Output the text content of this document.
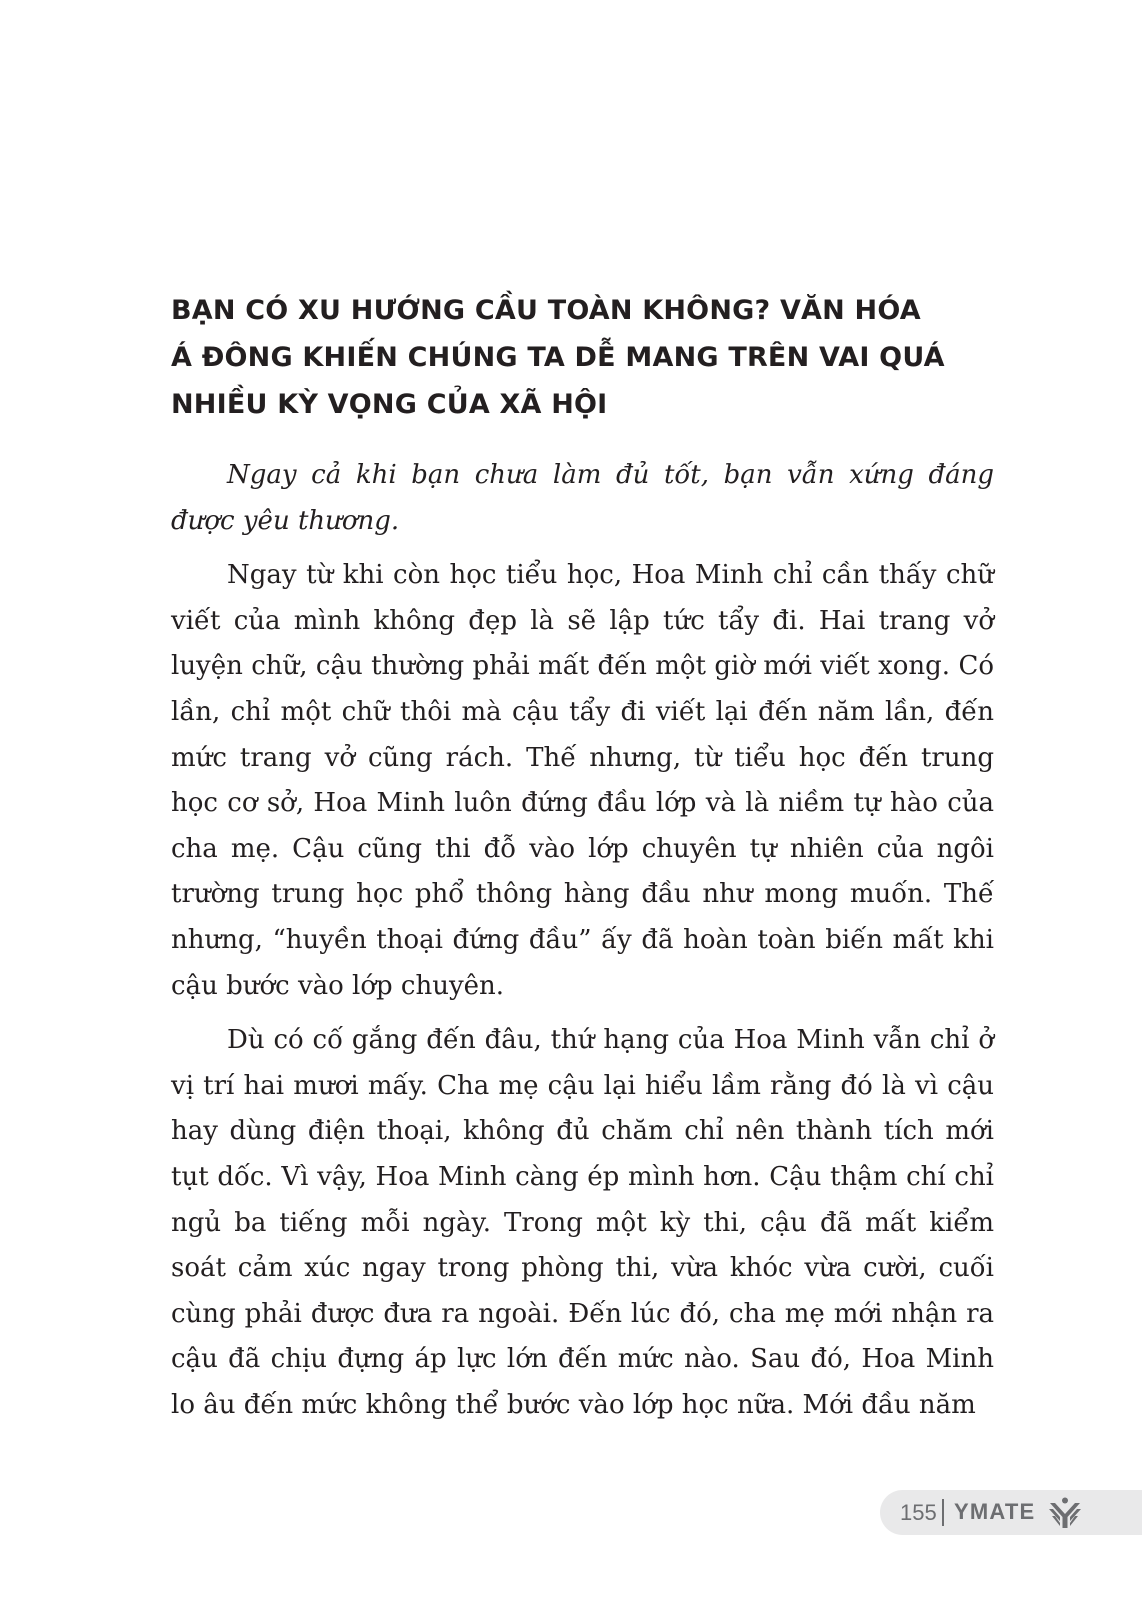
BẠN CÓ XU HƯỚNG CẦU TOÀN KHÔNG? VĂN HÓA
Á ĐÔNG KHIẾN CHÚNG TA DỄ MANG TRÊN VAI QUÁ
NHIỀU KỲ VỌNG CỦA XÃ HỘI

Ngay cả khi bạn chưa làm đủ tốt, bạn vẫn xứng đáng được yêu thương.

Ngay từ khi còn học tiểu học, Hoa Minh chỉ cần thấy chữ viết của mình không đẹp là sẽ lập tức tẩy đi. Hai trang vở luyện chữ, cậu thường phải mất đến một giờ mới viết xong. Có lần, chỉ một chữ thôi mà cậu tẩy đi viết lại đến năm lần, đến mức trang vở cũng rách. Thế nhưng, từ tiểu học đến trung học cơ sở, Hoa Minh luôn đứng đầu lớp và là niềm tự hào của cha mẹ. Cậu cũng thi đỗ vào lớp chuyên tự nhiên của ngôi trường trung học phổ thông hàng đầu như mong muốn. Thế nhưng, “huyền thoại đứng đầu” ấy đã hoàn toàn biến mất khi cậu bước vào lớp chuyên.

Dù có cố gắng đến đâu, thứ hạng của Hoa Minh vẫn chỉ ở vị trí hai mươi mấy. Cha mẹ cậu lại hiểu lầm rằng đó là vì cậu hay dùng điện thoại, không đủ chăm chỉ nên thành tích mới tụt dốc. Vì vậy, Hoa Minh càng ép mình hơn. Cậu thậm chí chỉ ngủ ba tiếng mỗi ngày. Trong một kỳ thi, cậu đã mất kiểm soát cảm xúc ngay trong phòng thi, vừa khóc vừa cười, cuối cùng phải được đưa ra ngoài. Đến lúc đó, cha mẹ mới nhận ra cậu đã chịu đựng áp lực lớn đến mức nào. Sau đó, Hoa Minh lo âu đến mức không thể bước vào lớp học nữa. Mới đầu năm

155 YMATE
